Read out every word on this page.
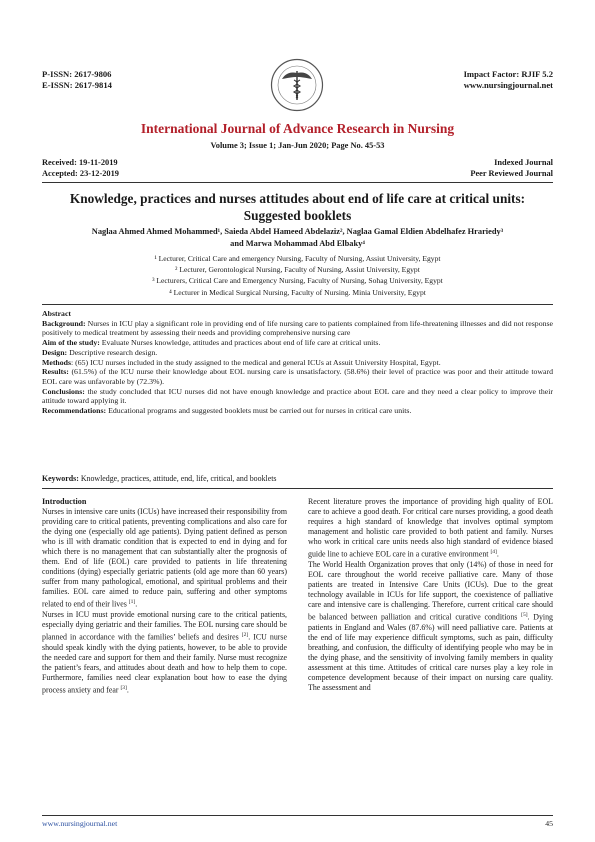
P-ISSN: 2617-9806
E-ISSN: 2617-9814
Impact Factor: RJIF 5.2
www.nursingjournal.net
International Journal of Advance Research in Nursing
Volume 3; Issue 1; Jan-Jun 2020; Page No. 45-53
Received: 19-11-2019
Accepted: 23-12-2019
Indexed Journal
Peer Reviewed Journal
Knowledge, practices and nurses attitudes about end of life care at critical units: Suggested booklets
Naglaa Ahmed Ahmed Mohammed¹, Saieda Abdel Hameed Abdelaziz², Naglaa Gamal Eldien Abdelhafez Hrariedy³
and Marwa Mohammad Abd Elbaky⁴
¹ Lecturer, Critical Care and emergency Nursing, Faculty of Nursing, Assiut University, Egypt
² Lecturer, Gerontological Nursing, Faculty of Nursing, Assiut University, Egypt
³ Lecturers, Critical Care and Emergency Nursing, Faculty of Nursing, Sohag University, Egypt
⁴ Lecturer in Medical Surgical Nursing, Faculty of Nursing. Minia University, Egypt
Abstract

Background: Nurses in ICU play a significant role in providing end of life nursing care to patients complained from life-threatening illnesses and did not response positively to medical treatment by assessing their needs and providing comprehensive nursing care

Aim of the study: Evaluate Nurses knowledge, attitudes and practices about end of life care at critical units.

Design: Descriptive research design.

Methods: (65) ICU nurses included in the study assigned to the medical and general ICUs at Assuit University Hospital, Egypt.

Results: (61.5%) of the ICU nurse their knowledge about EOL nursing care is unsatisfactory. (58.6%) their level of practice was poor and their attitude toward EOL care was unfavorable by (72.3%).

Conclusions: the study concluded that ICU nurses did not have enough knowledge and practice about EOL care and they need a clear policy to improve their attitude toward applying it.

Recommendations: Educational programs and suggested booklets must be carried out for nurses in critical care units.

Keywords: Knowledge, practices, attitude, end, life, critical, and booklets
Introduction

Nurses in intensive care units (ICUs) have increased their responsibility from providing care to critical patients, preventing complications and also care for the dying one (especially old age patients). Dying patient defined as person who is ill with dramatic condition that is expected to end in dying and for which there is no management that can substantially alter the prognosis of them. End of life (EOL) care provided to patients in life threatening conditions (dying) especially geriatric patients (old age more than 60 years) suffer from many pathological, emotional, and spiritual problems and their families. EOL care aimed to reduce pain, suffering and other symptoms related to end of their lives [1].

Nurses in ICU must provide emotional nursing care to the critical patients, especially dying geriatric and their families. The EOL nursing care should be planned in accordance with the families’ beliefs and desires [2]. ICU nurse should speak kindly with the dying patients, however, to be able to provide the needed care and support for them and their family. Nurse must recognize the patient’s fears, and attitudes about death and how to help them to cope. Furthermore, families need clear explanation bout how to ease the dying process anxiety and fear [3].

Recent literature proves the importance of providing high quality of EOL care to achieve a good death. For critical care nurses providing, a good death requires a high standard of knowledge that involves optimal symptom management and holistic care provided to both patient and family. Nurses who work in critical care units needs also high standard of evidence biased guide line to achieve EOL care in a curative environment [4].

The World Health Organization proves that only (14%) of those in need for EOL care throughout the world receive palliative care. Many of those patients are treated in Intensive Care Units (ICUs). Due to the great technology available in ICUs for life support, the coexistence of palliative care and intensive care is challenging. Therefore, current critical care should be balanced between palliation and critical curative conditions [5]. Dying patients in England and Wales (87.6%) will need palliative care. Patients at the end of life may experience difficult symptoms, such as pain, difficulty breathing, and confusion, the difficulty of identifying people who may be in the dying phase, and the sensitivity of involving family members in quality assessment at this time. Attitudes of critical care nurses play a key role in competence development because of their impact on nursing care quality. The assessment and

www.nursingjournal.net	45
